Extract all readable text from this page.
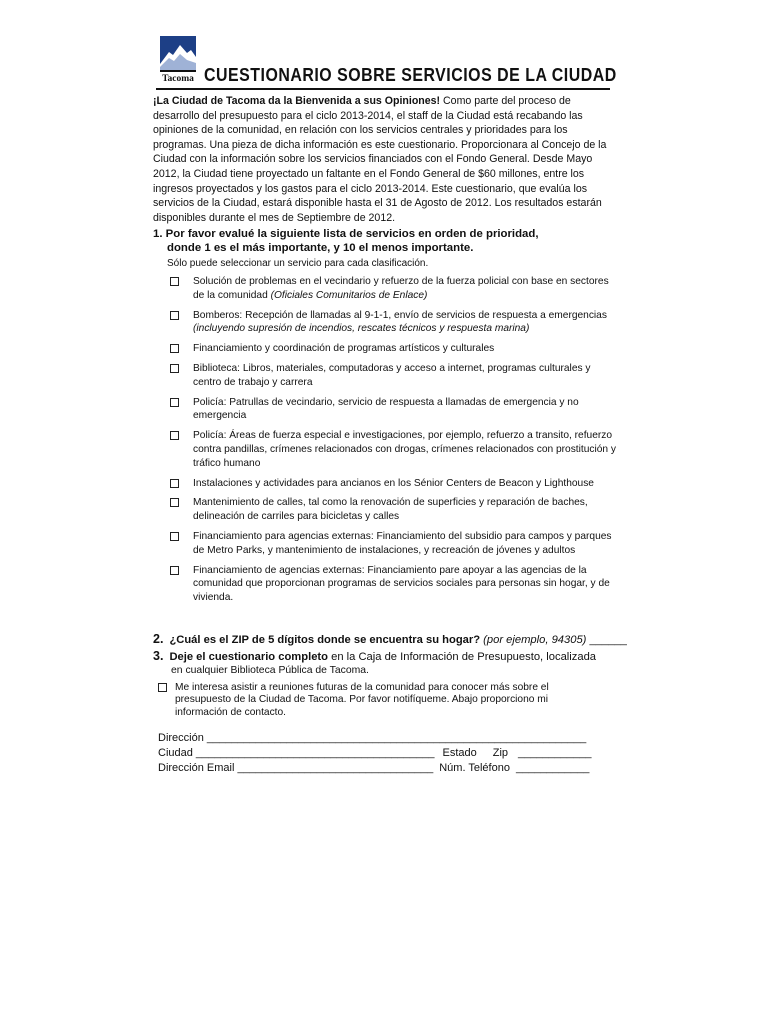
Tacoma CUESTIONARIO SOBRE SERVICIOS DE LA CIUDAD
¡La Ciudad de Tacoma da la Bienvenida a sus Opiniones! Como parte del proceso de desarrollo del presupuesto para el ciclo 2013-2014, el staff de la Ciudad está recabando las opiniones de la comunidad, en relación con los servicios centrales y prioridades para los programas. Una pieza de dicha información es este cuestionario. Proporcionara al Concejo de la Ciudad con la información sobre los servicios financiados con el Fondo General. Desde Mayo 2012, la Ciudad tiene proyectado un faltante en el Fondo General de $60 millones, entre los ingresos proyectados y los gastos para el ciclo 2013-2014. Este cuestionario, que evalúa los servicios de la Ciudad, estará disponible hasta el 31 de Agosto de 2012. Los resultados estarán disponibles durante el mes de Septiembre de 2012.
1. Por favor evalué la siguiente lista de servicios en orden de prioridad,
donde 1 es el más importante, y 10 el menos importante.
Sólo puede seleccionar un servicio para cada clasificación.
Solución de problemas en el vecindario y refuerzo de la fuerza policial con base en sectores de la comunidad (Oficiales Comunitarios de Enlace)
Bomberos: Recepción de llamadas al 9-1-1, envío de servicios de respuesta a emergencias (incluyendo supresión de incendios, rescates técnicos y respuesta marina)
Financiamiento y coordinación de programas artísticos y culturales
Biblioteca: Libros, materiales, computadoras y acceso a internet, programas culturales y centro de trabajo y carrera
Policía: Patrullas de vecindario, servicio de respuesta a llamadas de emergencia y no emergencia
Policía: Áreas de fuerza especial e investigaciones, por ejemplo, refuerzo a transito, refuerzo contra pandillas, crímenes relacionados con drogas, crímenes relacionados con prostitución y tráfico humano
Instalaciones y actividades para ancianos en los Sénior Centers de Beacon y Lighthouse
Mantenimiento de calles, tal como la renovación de superficies y reparación de baches, delineación de carriles para bicicletas y calles
Financiamiento para agencias externas: Financiamiento del subsidio para campos y parques de Metro Parks, y mantenimiento de instalaciones, y recreación de jóvenes y adultos
Financiamiento de agencias externas: Financiamiento pare apoyar a las agencias de la comunidad que proporcionan programas de servicios sociales para personas sin hogar, y de vivienda.
2. ¿Cuál es el ZIP de 5 dígitos donde se encuentra su hogar? (por ejemplo, 94305) ______
3. Deje el cuestionario completo en la Caja de Información de Presupuesto, localizada
en cualquier Biblioteca Pública de Tacoma.
Me interesa asistir a reuniones futuras de la comunidad para conocer más sobre el presupuesto de la Ciudad de Tacoma. Por favor notifíqueme. Abajo proporciono mi información de contacto.
Dirección ______________________________________________________________
Ciudad _______________________________________ Estado Zip ____________
Dirección Email ________________________________ Núm. Teléfono ____________
